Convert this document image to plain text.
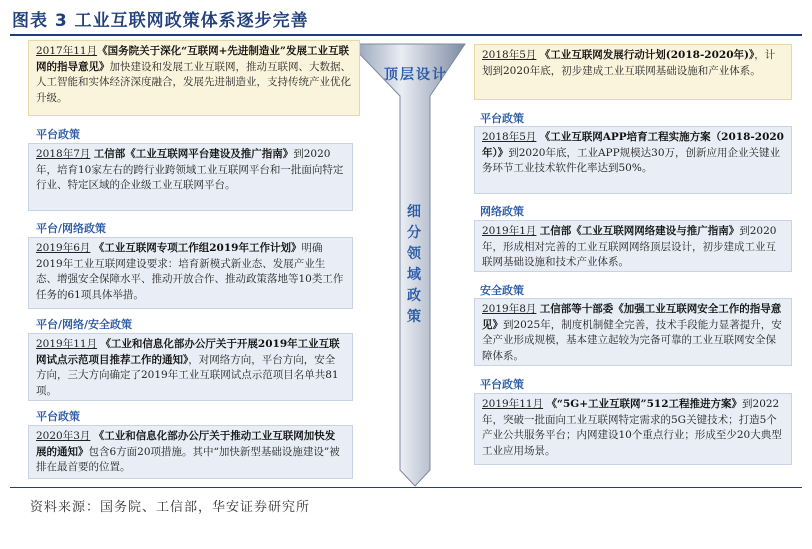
图表 3 工业互联网政策体系逐步完善
顶层设计
细分领域政策
2017年11月《国务院关于深化“互联网+先进制造业”发展工业互联网的指导意见》加快建设和发展工业互联网，推动互联网、大数据、人工智能和实体经济深度融合，发展先进制造业，支持传统产业优化升级。
平台政策
2018年7月 工信部《工业互联网平台建设及推广指南》到2020年，培育10家左右的跨行业跨领域工业互联网平台和一批面向特定行业、特定区域的企业级工业互联网平台。
平台/网络政策
2019年6月 《工业互联网专项工作组2019年工作计划》明确2019年工业互联网建设要求：培育新模式新业态、发展产业生态、增强安全保障水平、推动开放合作、推动政策落地等10类工作任务的61项具体举措。
平台/网络/安全政策
2019年11月 《工业和信息化部办公厅关于开展2019年工业互联网试点示范项目推荐工作的通知》，对网络方向，平台方向，安全方向，三大方向确定了2019年工业互联网试点示范项目名单共81项。
平台政策
2020年3月 《工业和信息化部办公厅关于推动工业互联网加快发展的通知》包含6方面20项措施。其中“加快新型基础设施建设”被排在最首要的位置。
2018年5月 《工业互联网发展行动计划(2018-2020年)》，计划到2020年底，初步建成工业互联网基础设施和产业体系。
平台政策
2018年5月 《工业互联网APP培育工程实施方案（2018-2020年）》到2020年底，工业APP规模达30万，创新应用企业关键业务环节工业技术软件化率达到50%。
网络政策
2019年1月 工信部《工业互联网网络建设与推广指南》到2020年，形成相对完善的工业互联网网络顶层设计，初步建成工业互联网基础设施和技术产业体系。
安全政策
2019年8月 工信部等十部委《加强工业互联网安全工作的指导意见》到2025年，制度机制健全完善，技术手段能力显著提升，安全产业形成规模，基本建立起较为完备可靠的工业互联网安全保障体系。
平台政策
2019年11月 《“5G+工业互联网”512工程推进方案》到2022年，突破一批面向工业互联网特定需求的5G关键技术；打造5个产业公共服务平台；内网建设10个重点行业；形成至少20大典型工业应用场景。
资料来源：国务院、工信部，华安证券研究所
